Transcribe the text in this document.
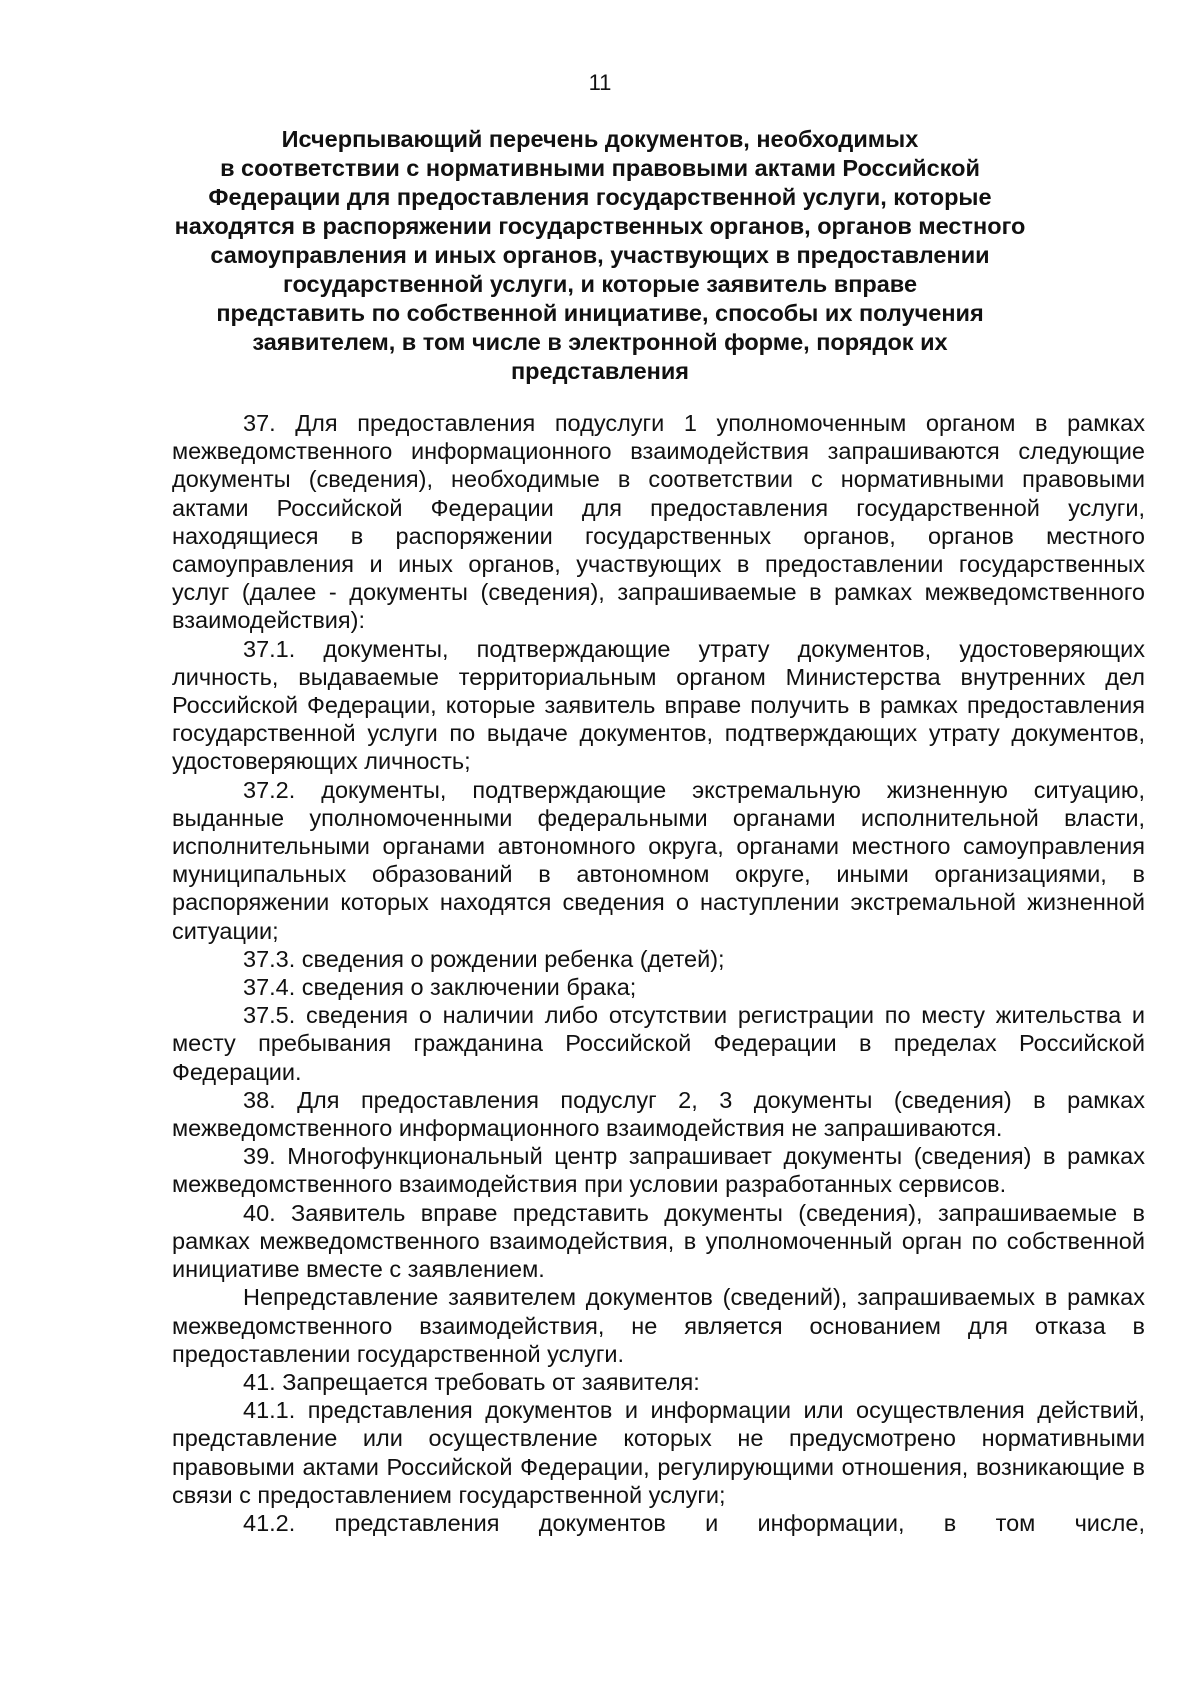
11
Исчерпывающий перечень документов, необходимых
в соответствии с нормативными правовыми актами Российской
Федерации для предоставления государственной услуги, которые
находятся в распоряжении государственных органов, органов местного
самоуправления и иных органов, участвующих в предоставлении
государственной услуги, и которые заявитель вправе
представить по собственной инициативе, способы их получения
заявителем, в том числе в электронной форме, порядок их
представления

37. Для предоставления подуслуги 1 уполномоченным органом в рамках межведомственного информационного взаимодействия запрашиваются следующие документы (сведения), необходимые в соответствии с нормативными правовыми актами Российской Федерации для предоставления государственной услуги, находящиеся в распоряжении государственных органов, органов местного самоуправления и иных органов, участвующих в предоставлении государственных услуг (далее - документы (сведения), запрашиваемые в рамках межведомственного взаимодействия):

37.1. документы, подтверждающие утрату документов, удостоверяющих личность, выдаваемые территориальным органом Министерства внутренних дел Российской Федерации, которые заявитель вправе получить в рамках предоставления государственной услуги по выдаче документов, подтверждающих утрату документов, удостоверяющих личность;

37.2. документы, подтверждающие экстремальную жизненную ситуацию, выданные уполномоченными федеральными органами исполнительной власти, исполнительными органами автономного округа, органами местного самоуправления муниципальных образований в автономном округе, иными организациями, в распоряжении которых находятся сведения о наступлении экстремальной жизненной ситуации;

37.3. сведения о рождении ребенка (детей);

37.4. сведения о заключении брака;

37.5. сведения о наличии либо отсутствии регистрации по месту жительства и месту пребывания гражданина Российской Федерации в пределах Российской Федерации.

38. Для предоставления подуслуг 2, 3 документы (сведения) в рамках межведомственного информационного взаимодействия не запрашиваются.

39. Многофункциональный центр запрашивает документы (сведения) в рамках межведомственного взаимодействия при условии разработанных сервисов.

40. Заявитель вправе представить документы (сведения), запрашиваемые в рамках межведомственного взаимодействия, в уполномоченный орган по собственной инициативе вместе с заявлением.

Непредставление заявителем документов (сведений), запрашиваемых в рамках межведомственного взаимодействия, не является основанием для отказа в предоставлении государственной услуги.

41. Запрещается требовать от заявителя:

41.1. представления документов и информации или осуществления действий, представление или осуществление которых не предусмотрено нормативными правовыми актами Российской Федерации, регулирующими отношения, возникающие в связи с предоставлением государственной услуги;

41.2. представления документов и информации, в том числе,
